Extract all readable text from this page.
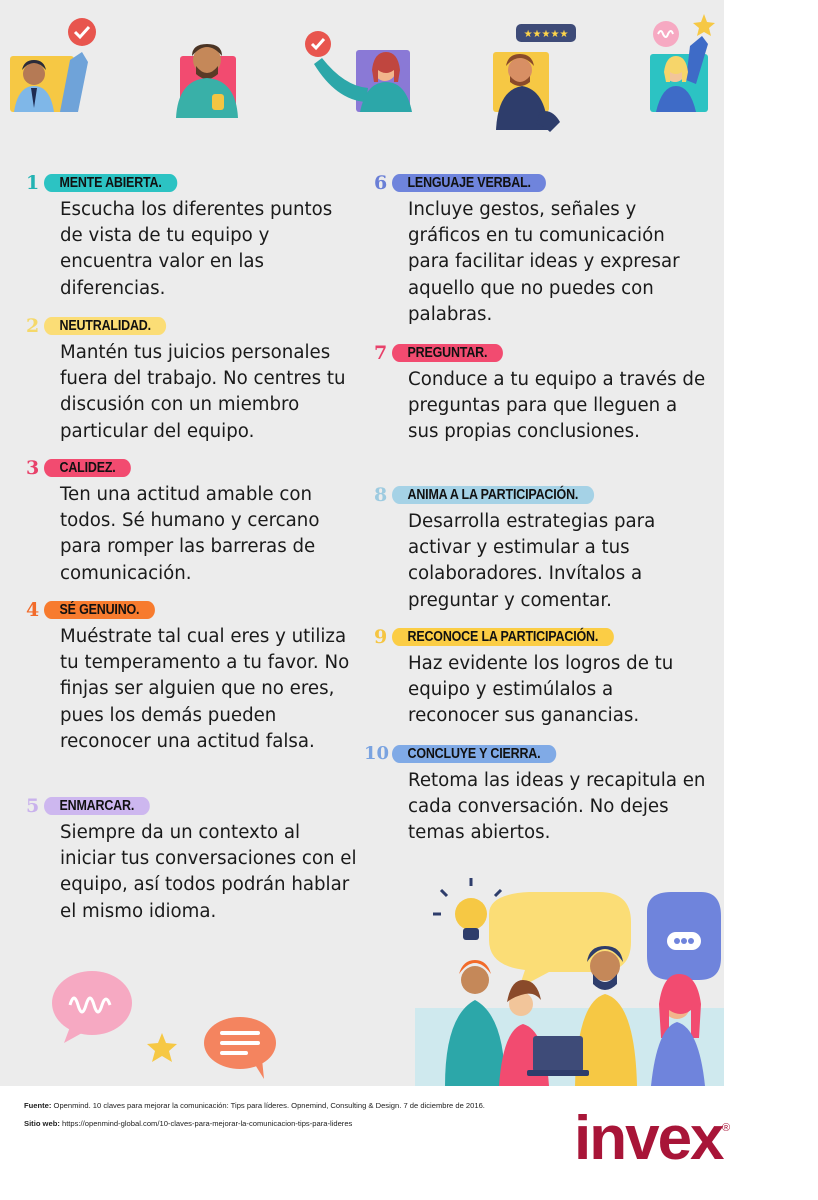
★★★★★
1	MENTE ABIERTA.
Escucha los diferentes puntos de vista de tu equipo y encuentra valor en las diferencias.
2	NEUTRALIDAD.
Mantén tus juicios personales fuera del trabajo. No centres tu discusión con un miembro particular del equipo.
3	CALIDEZ.
Ten una actitud amable con todos. Sé humano y cercano para romper las barreras de comunicación.
4	SÉ GENUINO.
Muéstrate tal cual eres y utiliza tu temperamento a tu favor. No finjas ser alguien que no eres, pues los demás pueden reconocer una actitud falsa.
5	ENMARCAR.
Siempre da un contexto al iniciar tus conversaciones con el equipo, así todos podrán hablar el mismo idioma.
6	LENGUAJE VERBAL.
Incluye gestos, señales y gráficos en tu comunicación para facilitar ideas y expresar aquello que no puedes con palabras.
7	PREGUNTAR.
Conduce a tu equipo a través de preguntas para que lleguen a sus propias conclusiones.
8	ANIMA A LA PARTICIPACIÓN.
Desarrolla estrategias para activar y estimular a tus colaboradores. Invítalos a preguntar y comentar.
9	RECONOCE LA PARTICIPACIÓN.
Haz evidente los logros de tu equipo y estimúlalos a reconocer sus ganancias.
10	CONCLUYE Y CIERRA.
Retoma las ideas y recapitula en cada conversación. No dejes temas abiertos.
Fuente: Openmind. 10 claves para mejorar la comunicación: Tips para líderes. Opnemind, Consulting & Design. 7 de diciembre de 2016.
Sitio web: https://openmind-global.com/10-claves-para-mejorar-la-comunicacion-tips-para-lideres	invex ®
